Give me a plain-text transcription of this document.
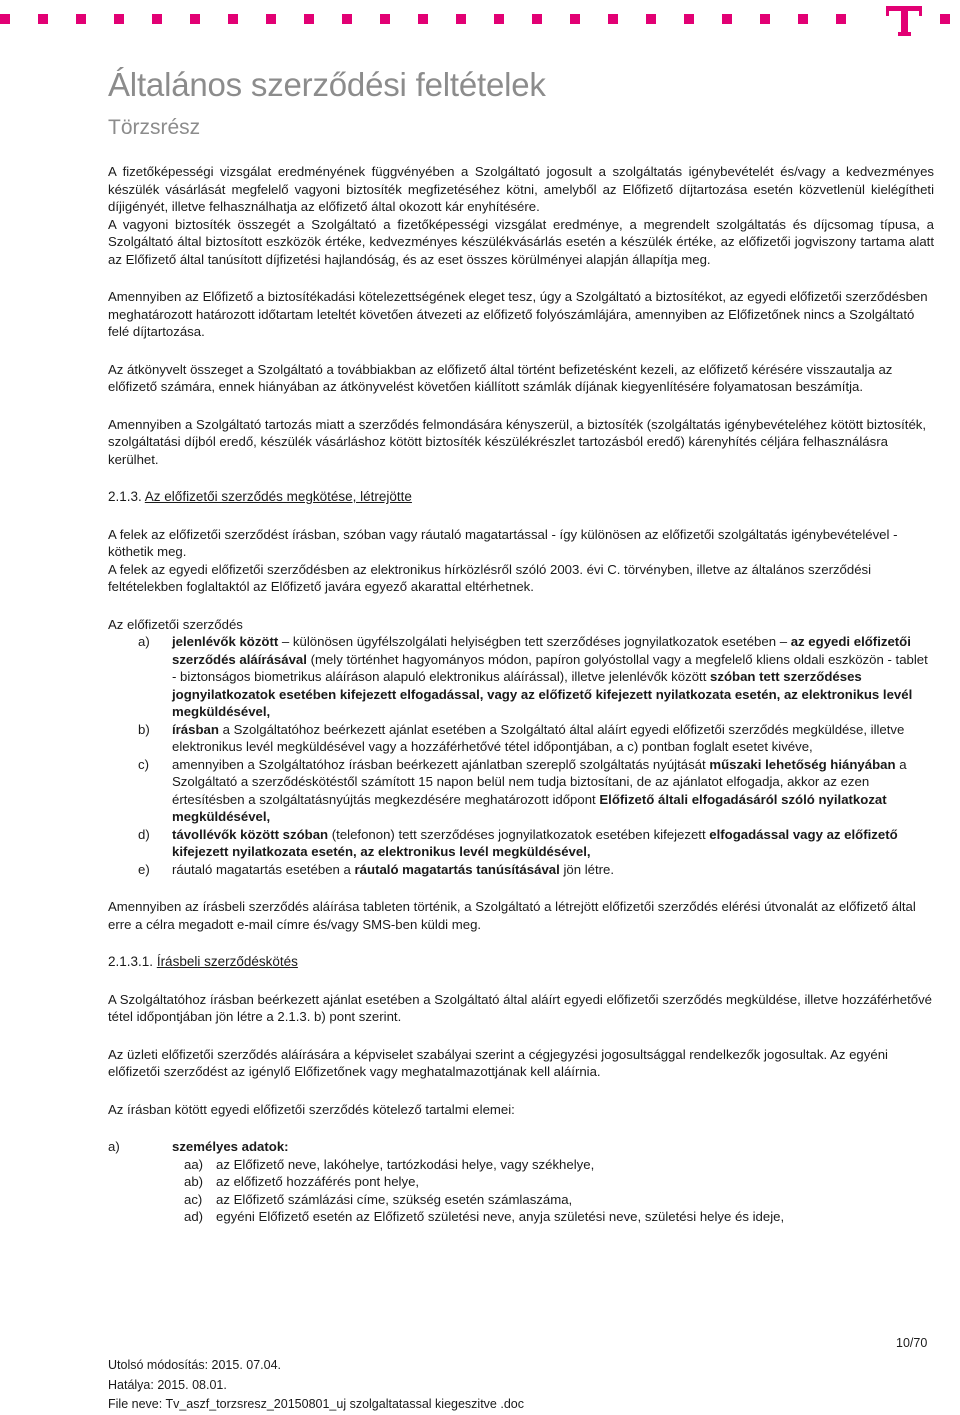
Általános szerződési feltételek
Törzsrész

A fizetőképességi vizsgálat eredményének függvényében a Szolgáltató jogosult a szolgáltatás igénybevételét és/vagy a kedvezményes készülék vásárlását megfelelő vagyoni biztosíték megfizetéséhez kötni, amelyből az Előfizető díjtartozása esetén közvetlenül kielégítheti díjigényét, illetve felhasználhatja az előfizető által okozott kár enyhítésére.

A vagyoni biztosíték összegét a Szolgáltató a fizetőképességi vizsgálat eredménye, a megrendelt szolgáltatás és díjcsomag típusa, a Szolgáltató által biztosított eszközök értéke, kedvezményes készülékvásárlás esetén a készülék értéke, az előfizetői jogviszony tartama alatt az Előfizető által tanúsított díjfizetési hajlandóság, és az eset összes körülményei alapján állapítja meg.

Amennyiben az Előfizető a biztosítékadási kötelezettségének eleget tesz, úgy a Szolgáltató a biztosítékot, az egyedi előfizetői szerződésben meghatározott határozott időtartam leteltét követően átvezeti az előfizető folyószámlájára, amennyiben az Előfizetőnek nincs a Szolgáltató felé díjtartozása.

Az átkönyvelt összeget a Szolgáltató a továbbiakban az előfizető által történt befizetésként kezeli, az előfizető kérésére visszautalja az előfizető számára, ennek hiányában az átkönyvelést követően kiállított számlák díjának kiegyenlítésére folyamatosan beszámítja.

Amennyiben a Szolgáltató tartozás miatt a szerződés felmondására kényszerül, a biztosíték (szolgáltatás igénybevételéhez kötött biztosíték, szolgáltatási díjból eredő, készülék vásárláshoz kötött biztosíték készülékrészlet tartozásból eredő) kárenyhítés céljára felhasználásra kerülhet.

2.1.3. Az előfizetői szerződés megkötése, létrejötte

A felek az előfizetői szerződést írásban, szóban vagy ráutaló magatartással - így különösen az előfizetői szolgáltatás igénybevételével - köthetik meg.

A felek az egyedi előfizetői szerződésben az elektronikus hírközlésről szóló 2003. évi C. törvényben, illetve az általános szerződési feltételekben foglaltaktól az Előfizető javára egyező akarattal eltérhetnek.

Az előfizetői szerződés

a) jelenlévők között – különösen ügyfélszolgálati helyiségben tett szerződéses jognyilatkozatok esetében – az egyedi előfizetői szerződés aláírásával (mely történhet hagyományos módon, papíron golyóstollal vagy a megfelelő kliens oldali eszközön - tablet - biztonságos biometrikus aláíráson alapuló elektronikus aláírással), illetve jelenlévők között szóban tett szerződéses jognyilatkozatok esetében kifejezett elfogadással, vagy az előfizető kifejezett nyilatkozata esetén, az elektronikus levél megküldésével,
b) írásban a Szolgáltatóhoz beérkezett ajánlat esetében a Szolgáltató által aláírt egyedi előfizetői szerződés megküldése, illetve elektronikus levél megküldésével vagy a hozzáférhetővé tétel időpontjában, a c) pontban foglalt esetet kivéve,
c) amennyiben a Szolgáltatóhoz írásban beérkezett ajánlatban szereplő szolgáltatás nyújtását műszaki lehetőség hiányában a Szolgáltató a szerződéskötéstől számított 15 napon belül nem tudja biztosítani, de az ajánlatot elfogadja, akkor az ezen értesítésben a szolgáltatásnyújtás megkezdésére meghatározott időpont Előfizető általi elfogadásáról szóló nyilatkozat megküldésével,
d) távollévők között szóban (telefonon) tett szerződéses jognyilatkozatok esetében kifejezett elfogadással vagy az előfizető kifejezett nyilatkozata esetén, az elektronikus levél megküldésével,
e) ráutaló magatartás esetében a ráutaló magatartás tanúsításával jön létre.

Amennyiben az írásbeli szerződés aláírása tableten történik, a Szolgáltató a létrejött előfizetői szerződés elérési útvonalát az előfizető által erre a célra megadott e-mail címre és/vagy SMS-ben küldi meg.

2.1.3.1. Írásbeli szerződéskötés

A Szolgáltatóhoz írásban beérkezett ajánlat esetében a Szolgáltató által aláírt egyedi előfizetői szerződés megküldése, illetve hozzáférhetővé tétel időpontjában jön létre a 2.1.3. b) pont szerint.

Az üzleti előfizetői szerződés aláírására a képviselet szabályai szerint a cégjegyzési jogosultsággal rendelkezők jogosultak. Az egyéni előfizetői szerződést az igénylő Előfizetőnek vagy meghatalmazottjának kell aláírnia.

Az írásban kötött egyedi előfizetői szerződés kötelező tartalmi elemei:

a)	személyes adatok:
aa) az Előfizető neve, lakóhelye, tartózkodási helye, vagy székhelye,
ab) az előfizető hozzáférés pont helye,
ac) az Előfizető számlázási címe, szükség esetén számlaszáma,
ad) egyéni Előfizető esetén az Előfizető születési neve, anyja születési neve, születési helye és ideje,
10/70
Utolsó módosítás: 2015. 07.04.
Hatálya: 2015. 08.01.
File neve: Tv_aszf_torzsresz_20150801_uj szolgaltatassal kiegeszitve .doc
